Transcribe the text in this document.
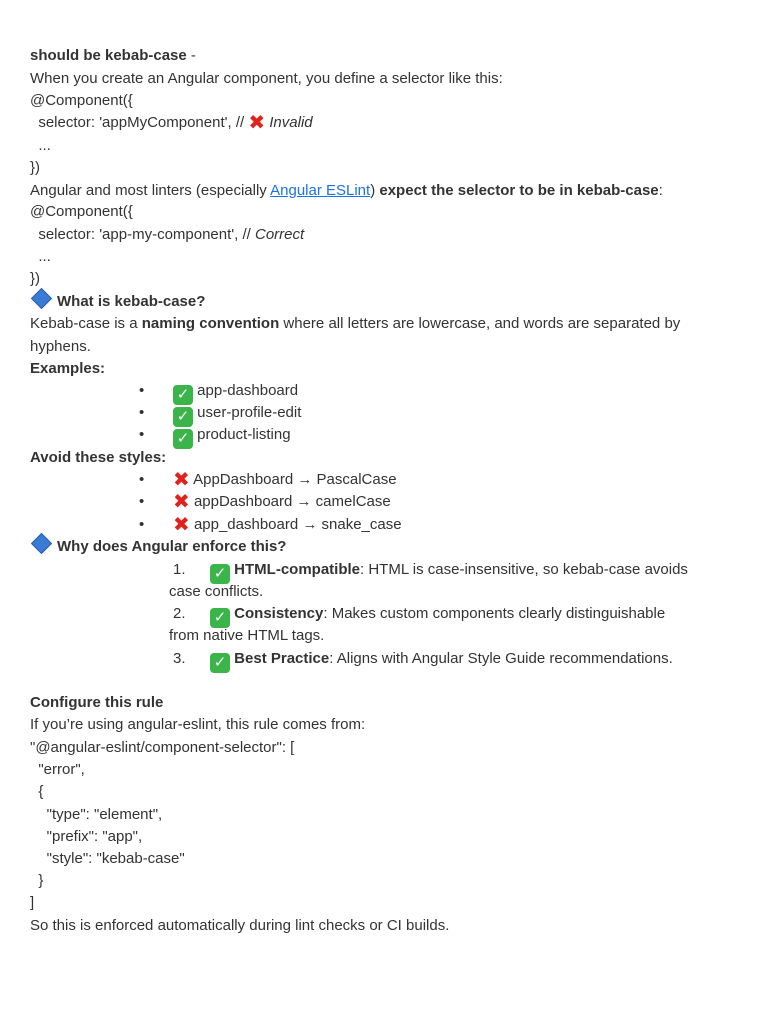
should be kebab-case -
When you create an Angular component, you define a selector like this:
@Component({
selector: 'appMyComponent', // ✖ Invalid
...
})
Angular and most linters (especially Angular ESLint) expect the selector to be in kebab-case:
@Component({
selector: 'app-my-component', // Correct
...
})
What is kebab-case?
Kebab-case is a naming convention where all letters are lowercase, and words are separated by
hyphens.
Examples:
• ✓ app-dashboard
• ✓ user-profile-edit
• ✓ product-listing
Avoid these styles:
• ✖ AppDashboard → PascalCase
• ✖ appDashboard → camelCase
• ✖ app_dashboard → snake_case
Why does Angular enforce this?
1. ✓ HTML-compatible: HTML is case-insensitive, so kebab-case avoids
case conflicts.
2. ✓ Consistency: Makes custom components clearly distinguishable
from native HTML tags.
3. ✓ Best Practice: Aligns with Angular Style Guide recommendations.
Configure this rule
If you’re using angular-eslint, this rule comes from:
"@angular-eslint/component-selector": [
"error",
{
"type": "element",
"prefix": "app",
"style": "kebab-case"
}
]
So this is enforced automatically during lint checks or CI builds.
